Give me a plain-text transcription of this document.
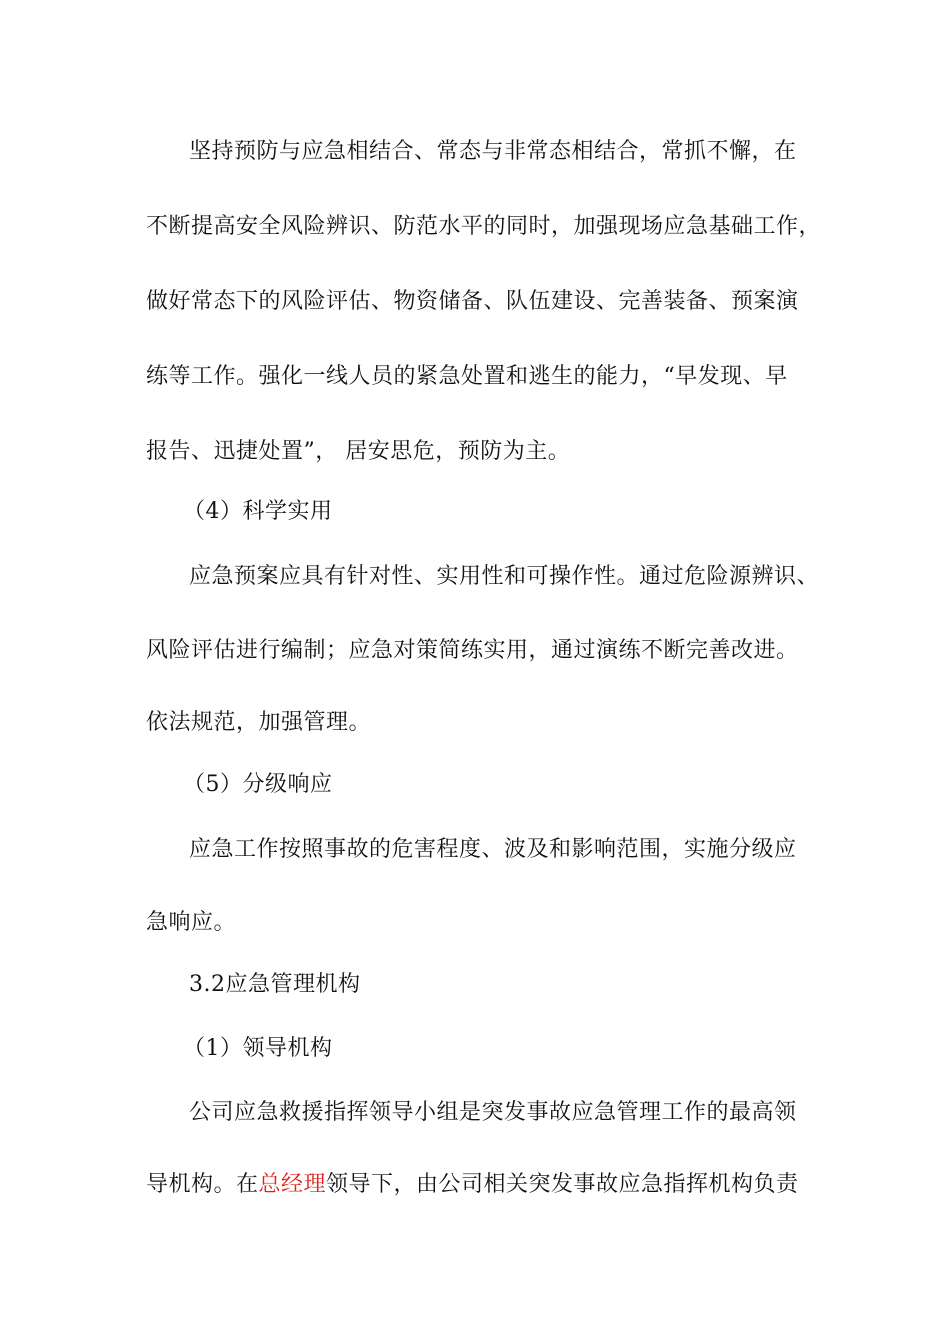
坚持预防与应急相结合、常态与非常态相结合，常抓不懈，在
不断提高安全风险辨识、防范水平的同时，加强现场应急基础工作，
做好常态下的风险评估、物资储备、队伍建设、完善装备、预案演
练等工作。强化一线人员的紧急处置和逃生的能力，“早发现、早
报告、迅捷处置”， 居安思危，预防为主。
（4）科学实用
应急预案应具有针对性、实用性和可操作性。通过危险源辨识、
风险评估进行编制；应急对策简练实用，通过演练不断完善改进。
依法规范，加强管理。
（5）分级响应
应急工作按照事故的危害程度、波及和影响范围，实施分级应
急响应。
3.2应急管理机构
（1）领导机构
公司应急救援指挥领导小组是突发事故应急管理工作的最高领
导机构。在总经理领导下，由公司相关突发事故应急指挥机构负责
